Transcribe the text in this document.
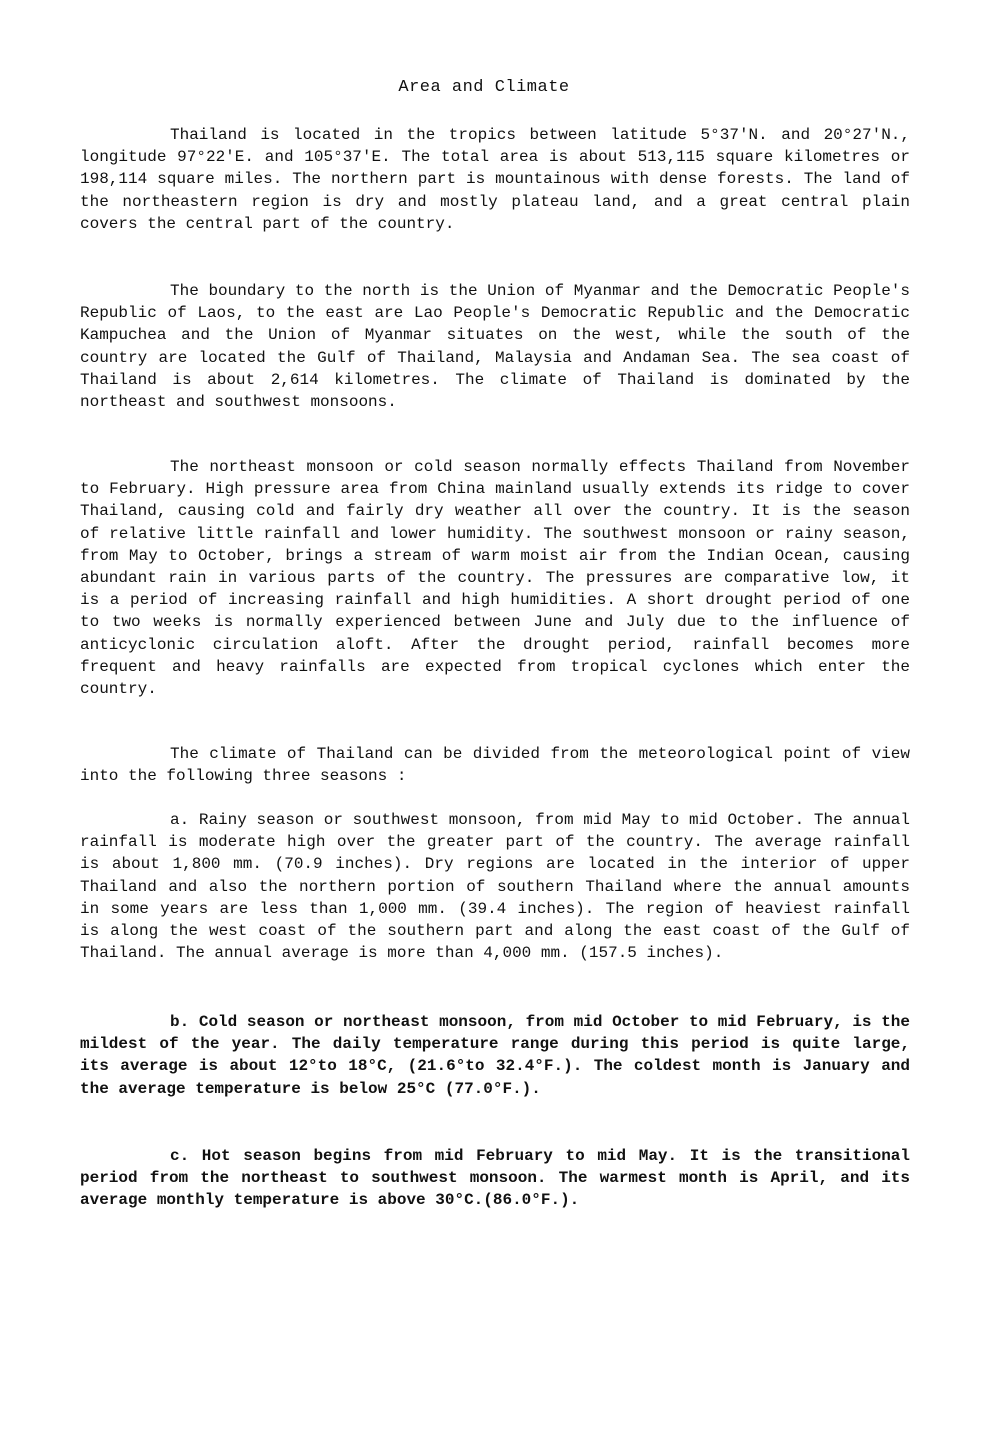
Area and Climate
Thailand is located in the tropics between latitude 5°37′N. and 20°27′N., longitude 97°22′E. and 105°37′E. The total area is about 513,115 square kilometres or 198,114 square miles. The northern part is mountainous with dense forests. The land of the northeastern region is dry and mostly plateau land, and a great central plain covers the central part of the country.
The boundary to the north is the Union of Myanmar and the Democratic People's Republic of Laos, to the east are Lao People's Democratic Republic and the Democratic Kampuchea and the Union of Myanmar situates on the west, while the south of the country are located the Gulf of Thailand, Malaysia and Andaman Sea. The sea coast of Thailand is about 2,614 kilometres. The climate of Thailand is dominated by the northeast and southwest monsoons.
The northeast monsoon or cold season normally effects Thailand from November to February. High pressure area from China mainland usually extends its ridge to cover Thailand, causing cold and fairly dry weather all over the country. It is the season of relative little rainfall and lower humidity. The southwest monsoon or rainy season, from May to October, brings a stream of warm moist air from the Indian Ocean, causing abundant rain in various parts of the country. The pressures are comparative low, it is a period of increasing rainfall and high humidities. A short drought period of one to two weeks is normally experienced between June and July due to the influence of anticyclonic circulation aloft. After the drought period, rainfall becomes more frequent and heavy rainfalls are expected from tropical cyclones which enter the country.
The climate of Thailand can be divided from the meteorological point of view into the following three seasons :
a. Rainy season or southwest monsoon, from mid May to mid October. The annual rainfall is moderate high over the greater part of the country. The average rainfall is about 1,800 mm. (70.9 inches). Dry regions are located in the interior of upper Thailand and also the northern portion of southern Thailand where the annual amounts in some years are less than 1,000 mm. (39.4 inches). The region of heaviest rainfall is along the west coast of the southern part and along the east coast of the Gulf of Thailand. The annual average is more than 4,000 mm. (157.5 inches).
b. Cold season or northeast monsoon, from mid October to mid February, is the mildest of the year. The daily temperature range during this period is quite large, its average is about 12°to 18°C, (21.6°to 32.4°F.). The coldest month is January and the average temperature is below 25°C (77.0°F.).
c. Hot season begins from mid February to mid May. It is the transitional period from the northeast to southwest monsoon. The warmest month is April, and its average monthly temperature is above 30°C.(86.0°F.).
